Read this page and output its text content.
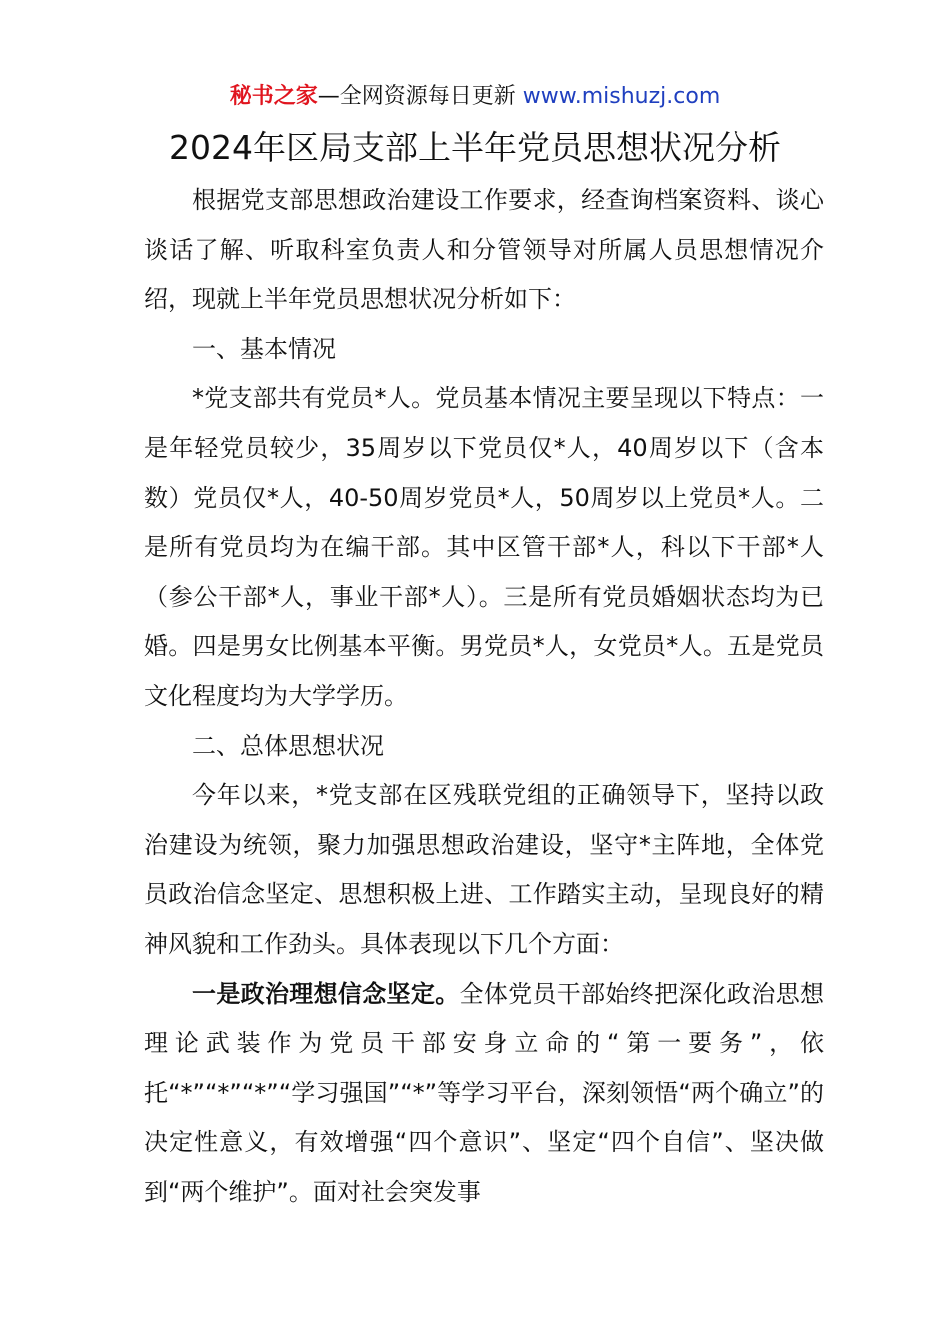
秘书之家—全网资源每日更新 www.mishuzj.com
2024年区局支部上半年党员思想状况分析

根据党支部思想政治建设工作要求，经查询档案资料、谈心谈话了解、听取科室负责人和分管领导对所属人员思想情况介绍，现就上半年党员思想状况分析如下：

一、基本情况

*党支部共有党员*人。党员基本情况主要呈现以下特点：一是年轻党员较少，35周岁以下党员仅*人，40周岁以下（含本数）党员仅*人，40-50周岁党员*人，50周岁以上党员*人。二是所有党员均为在编干部。其中区管干部*人，科以下干部*人（参公干部*人，事业干部*人）。三是所有党员婚姻状态均为已婚。四是男女比例基本平衡。男党员*人，女党员*人。五是党员文化程度均为大学学历。

二、总体思想状况

今年以来，*党支部在区残联党组的正确领导下，坚持以政治建设为统领，聚力加强思想政治建设，坚守*主阵地，全体党员政治信念坚定、思想积极上进、工作踏实主动，呈现良好的精神风貌和工作劲头。具体表现以下几个方面：

一是政治理想信念坚定。全体党员干部始终把深化政治思想理论武装作为党员干部安身立命的“第一要务”，依托“*”“*”“*”“学习强国”“*”等学习平台，深刻领悟“两个确立”的决定性意义，有效增强“四个意识”、坚定“四个自信”、坚决做到“两个维护”。面对社会突发事
